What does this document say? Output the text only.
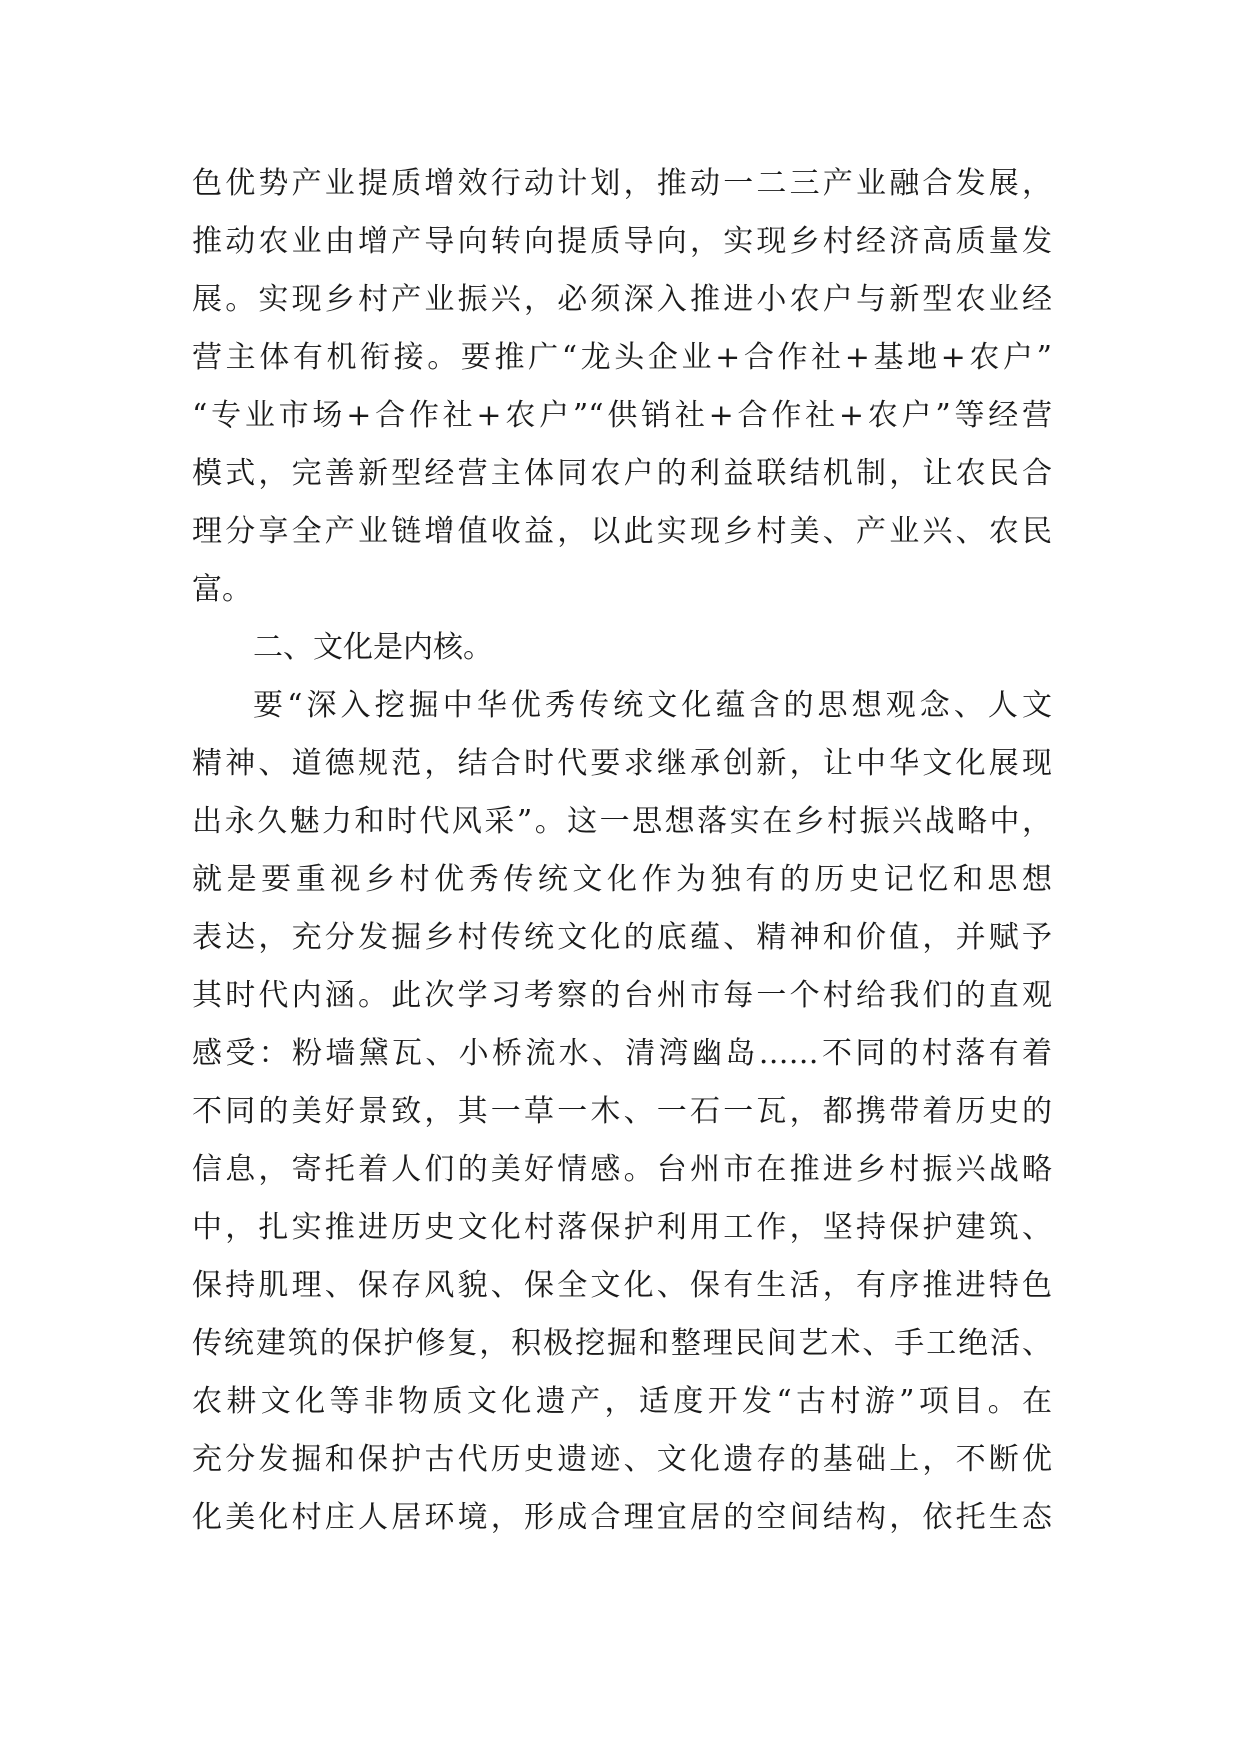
色优势产业提质增效行动计划，推动一二三产业融合发展，
推动农业由增产导向转向提质导向，实现乡村经济高质量发
展。实现乡村产业振兴，必须深入推进小农户与新型农业经
营主体有机衔接。要推广“龙头企业+合作社+基地+农户”
“专业市场+合作社+农户”“供销社+合作社+农户”等经营
模式，完善新型经营主体同农户的利益联结机制，让农民合
理分享全产业链增值收益，以此实现乡村美、产业兴、农民
富。
二、文化是内核。
要“深入挖掘中华优秀传统文化蕴含的思想观念、人文
精神、道德规范，结合时代要求继承创新，让中华文化展现
出永久魅力和时代风采”。这一思想落实在乡村振兴战略中，
就是要重视乡村优秀传统文化作为独有的历史记忆和思想
表达，充分发掘乡村传统文化的底蕴、精神和价值，并赋予
其时代内涵。此次学习考察的台州市每一个村给我们的直观
感受：粉墙黛瓦、小桥流水、清湾幽岛……不同的村落有着
不同的美好景致，其一草一木、一石一瓦，都携带着历史的
信息，寄托着人们的美好情感。台州市在推进乡村振兴战略
中，扎实推进历史文化村落保护利用工作，坚持保护建筑、
保持肌理、保存风貌、保全文化、保有生活，有序推进特色
传统建筑的保护修复，积极挖掘和整理民间艺术、手工绝活、
农耕文化等非物质文化遗产，适度开发“古村游”项目。在
充分发掘和保护古代历史遗迹、文化遗存的基础上，不断优
化美化村庄人居环境，形成合理宜居的空间结构，依托生态
